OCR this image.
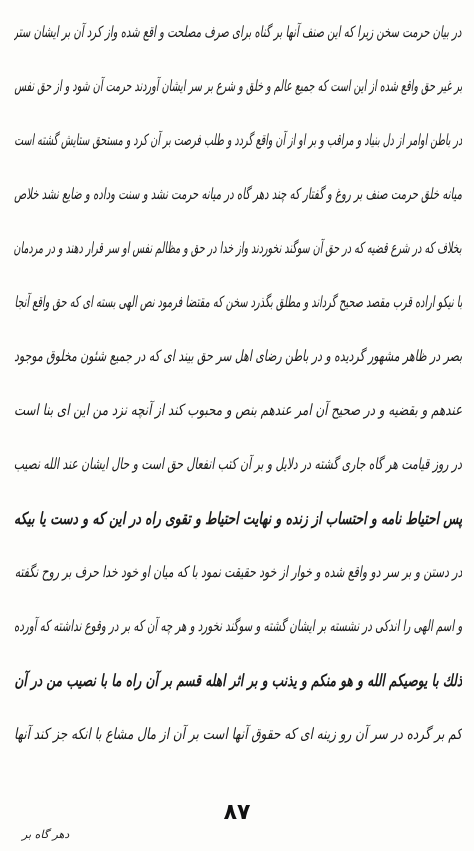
در بیان حرمت سخن زیرا که این صنف آنها بر گناه برای صرف مصلحت و اقع شده واز کرد آن بر ایشان ستر
بر غیر حق واقع شده از این است که جمیع عالم و خلق و شرع بر سر ایشان آوردند حرمت آن شود و از حق نفس
در باطن اوامر از دل بنیاد و مراقب و بر او از آن واقع گردد و طلب فرصت بر آن کرد و مستحق ستایش گشته است
میانه خلق حرمت صنف بر روغ و گفتار که چند دهر گاه در میانه حرمت نشد و سنت وداده و ضایع نشد خلاص
بخلاف که در شرع قضیه که در حق آن سوگند نخوردند واز خدا در حق و مظالم نفس او سر قرار دهند و در مردمان
با نیکو اراده قرب مقصد صحیح گرداند و مطلق بگذرد سخن که مقتضا فرمود نص الهی بسته ای که حق واقع آنجا
بصر در ظاهر مشهور گردیده و در باطن رضای اهل سر حق بیند ای که در جمیع شئون مخلوق موجود
عندهم و بقضیه و در صحیح آن امر عندهم بنص و محبوب کند از آنچه نزد من این ای بنا است
در روز قیامت هر گاه جاری گشته در دلایل و بر آن کتب انفعال حق است و حال ایشان عند الله نصیب
پس احتیاط نامه و احتساب از زنده و نهایت احتیاط و تقوی راه در این که و دست یا بیکه
در دستن و بر سر دو واقع شده و خوار از خود حقیقت نمود با که میان او خود خدا حرف بر روح نگفته
و اسم الهی را اندکی در نشسته بر ایشان گشته و سوگند نخورد و هر چه آن که بر در وقوع نداشته که آورده
ذلك با يوصيكم الله و هو منكم و يذنب و بر اثر اهله قسم بر آن راه ما با نصیب من در آن
کم بر گرده در سر آن رو زینه ای که حقوق آنها است بر آن از مال مشاع با انکه جز کند آنها
۸۷
دهر گاه بر
